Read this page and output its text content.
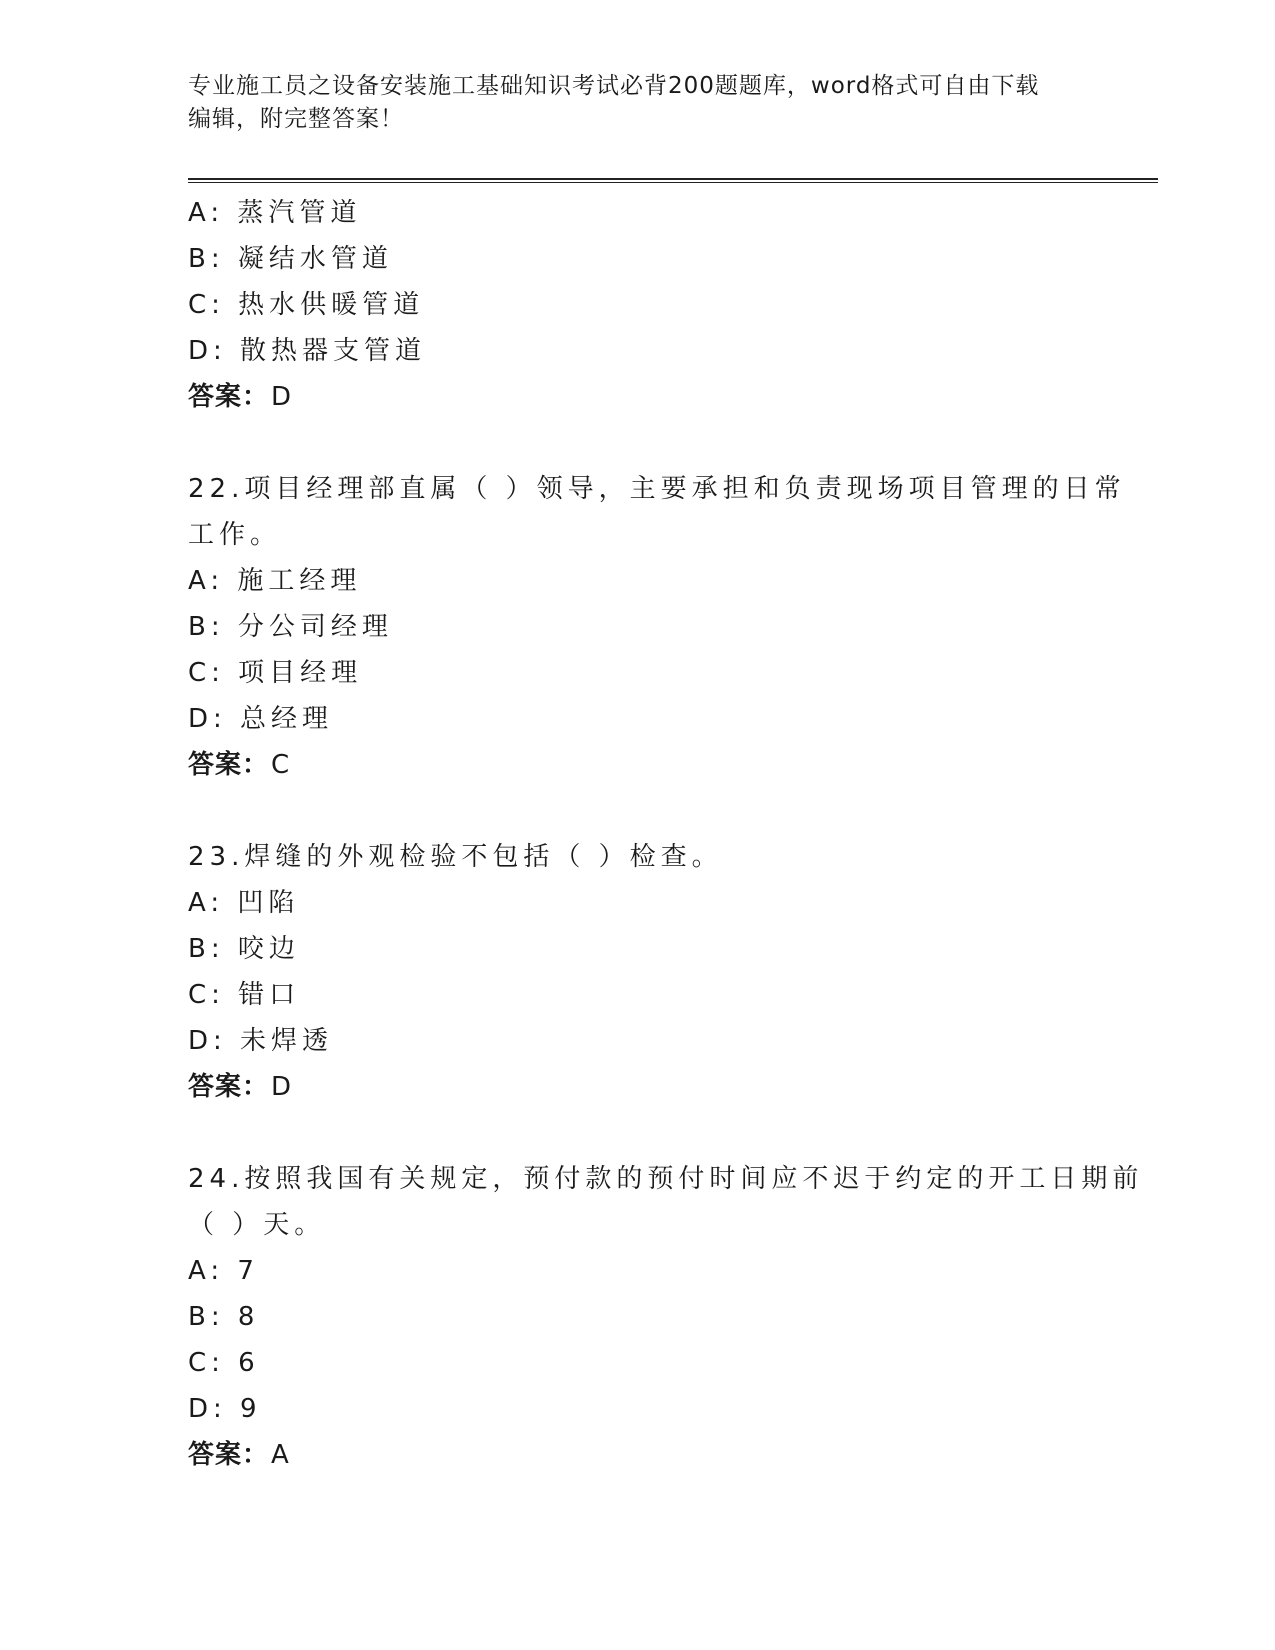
专业施工员之设备安装施工基础知识考试必背200题题库，word格式可自由下载
编辑，附完整答案！
A: 蒸汽管道
B: 凝结水管道
C: 热水供暖管道
D: 散热器支管道
答案：D
22.项目经理部直属（ ）领导，主要承担和负责现场项目管理的日常
工作。
A: 施工经理
B: 分公司经理
C: 项目经理
D: 总经理
答案：C
23.焊缝的外观检验不包括（ ）检查。
A: 凹陷
B: 咬边
C: 错口
D: 未焊透
答案：D
24.按照我国有关规定，预付款的预付时间应不迟于约定的开工日期前
（ ）天。
A: 7
B: 8
C: 6
D: 9
答案：A
